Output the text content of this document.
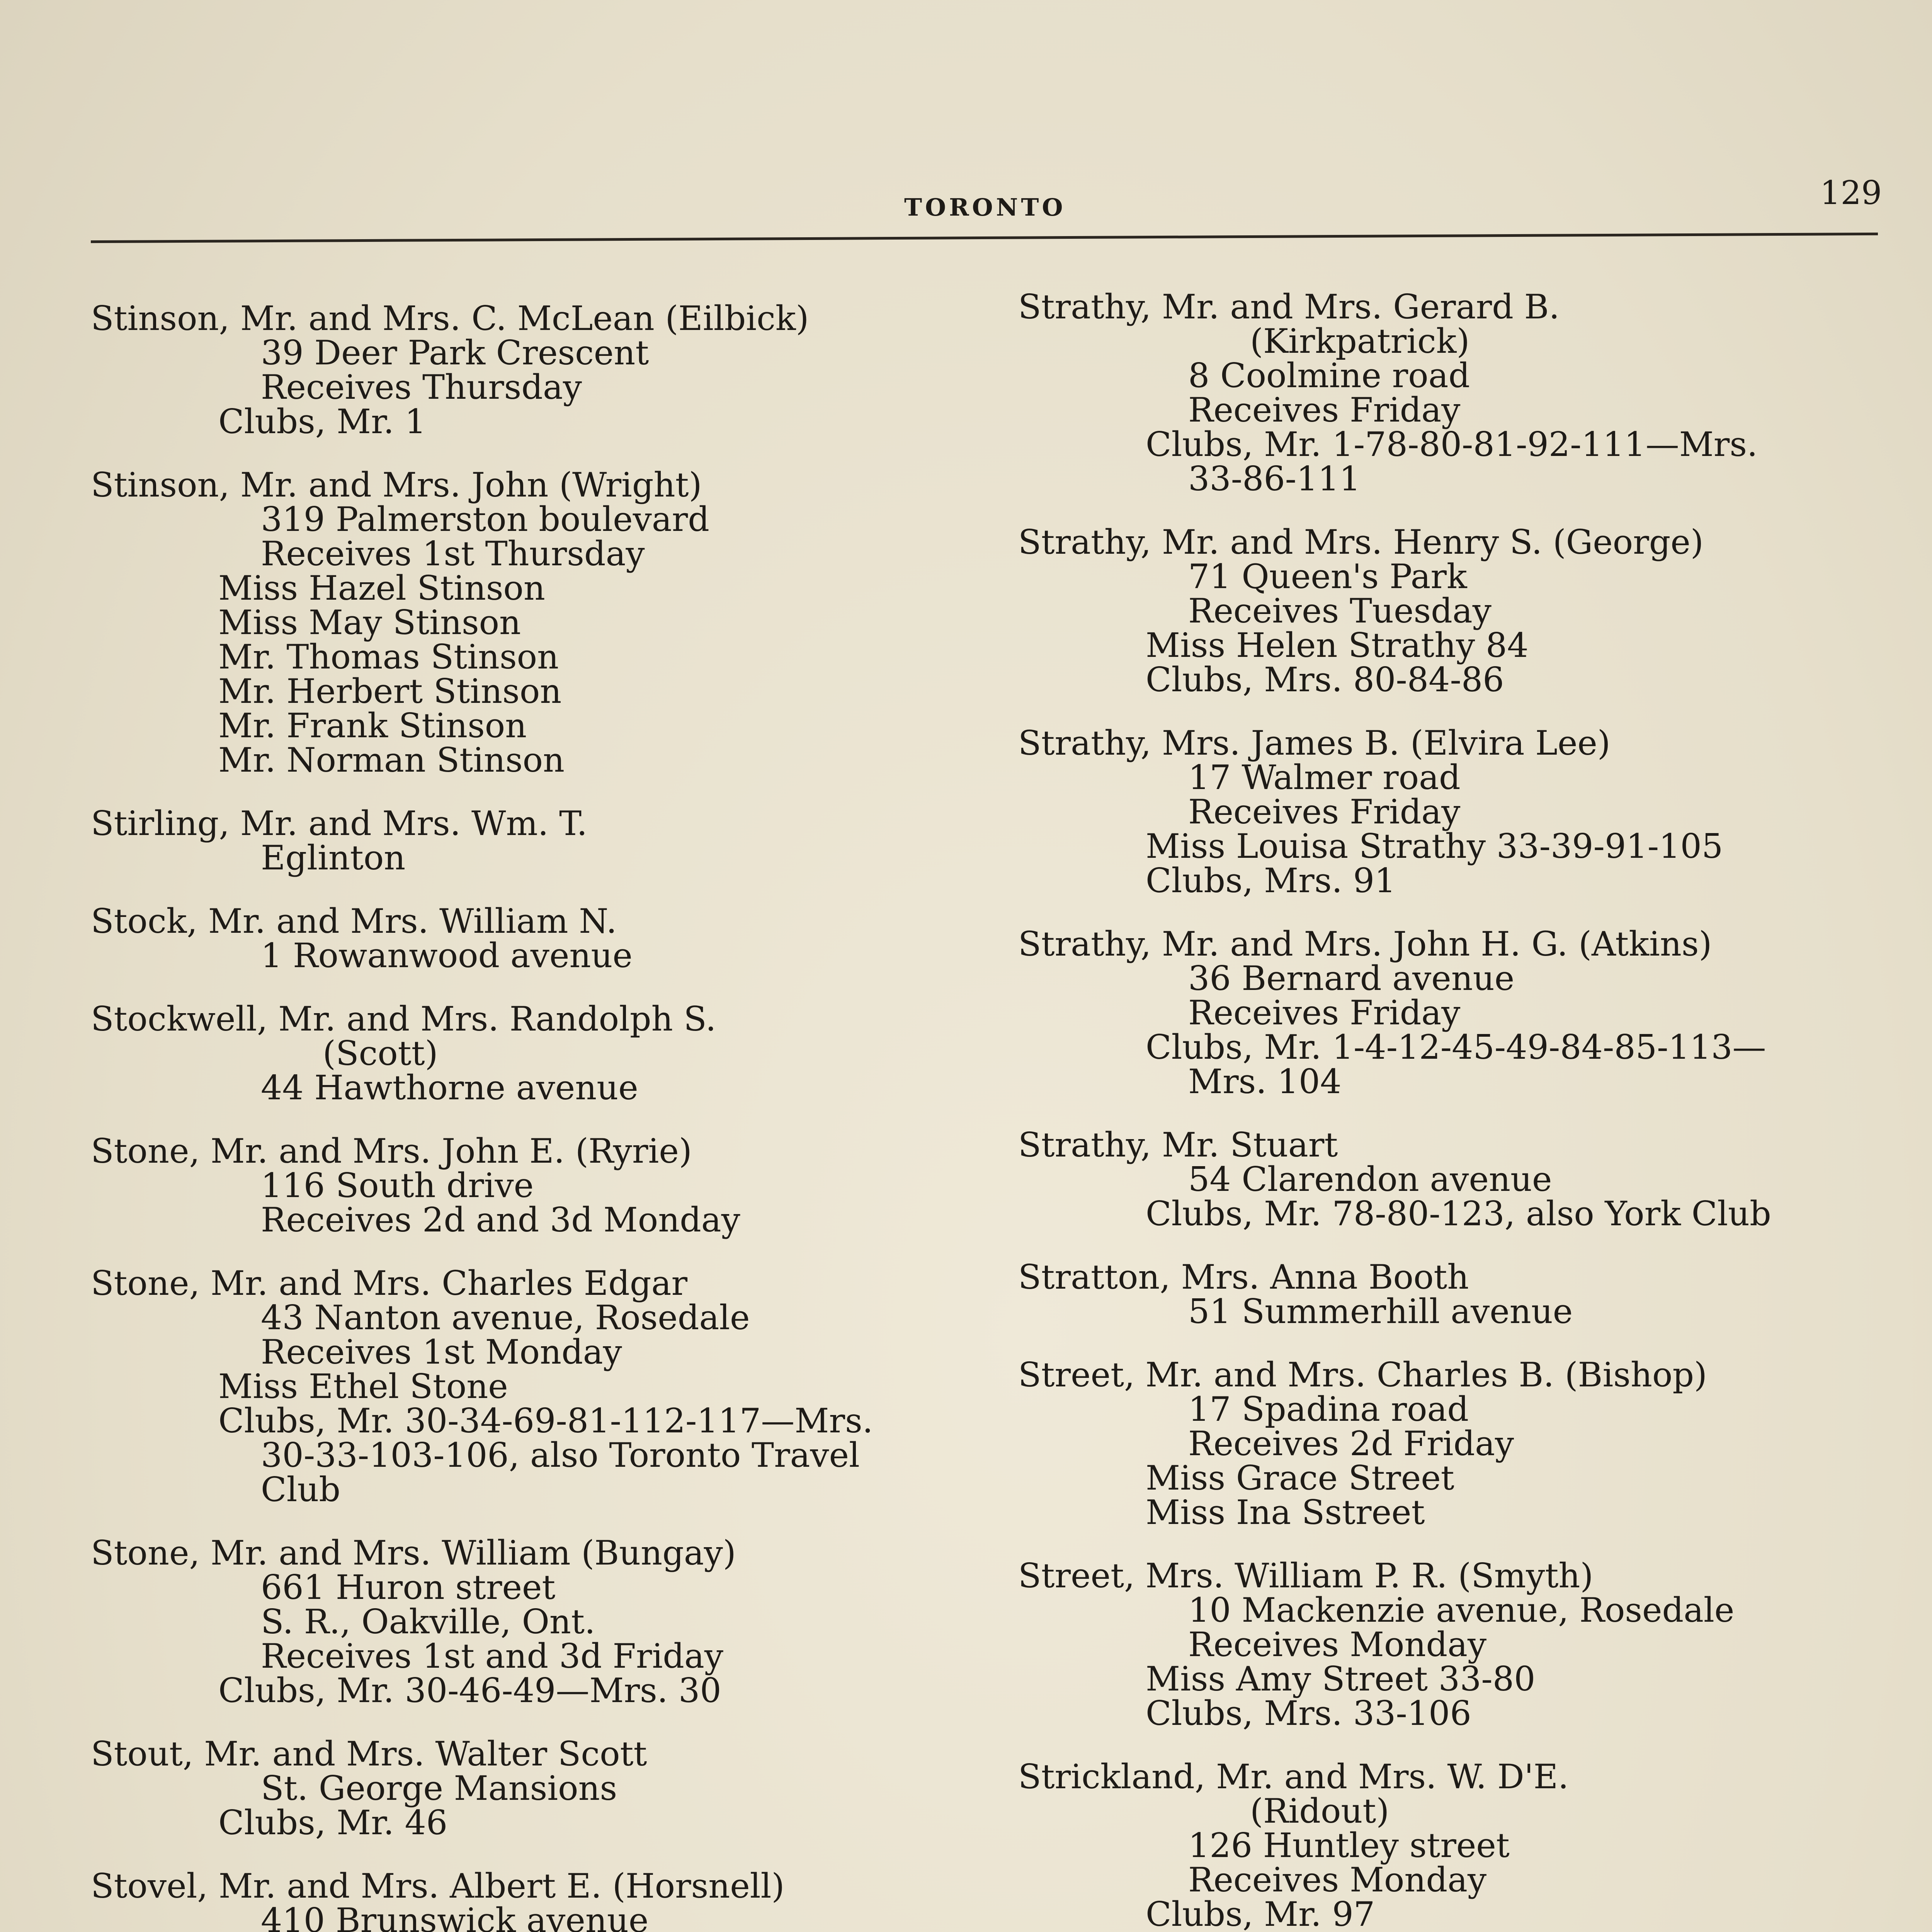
TORONTO	129
Stinson, Mr. and Mrs. C. McLean (Eilbick)
39 Deer Park Crescent
Receives Thursday
Clubs, Mr. 1
Stinson, Mr. and Mrs. John (Wright)
319 Palmerston boulevard
Receives 1st Thursday
Miss Hazel Stinson
Miss May Stinson
Mr. Thomas Stinson
Mr. Herbert Stinson
Mr. Frank Stinson
Mr. Norman Stinson
Stirling, Mr. and Mrs. Wm. T.
Eglinton
Stock, Mr. and Mrs. William N.
1 Rowanwood avenue
Stockwell, Mr. and Mrs. Randolph S.
(Scott)
44 Hawthorne avenue
Stone, Mr. and Mrs. John E. (Ryrie)
116 South drive
Receives 2d and 3d Monday
Stone, Mr. and Mrs. Charles Edgar
43 Nanton avenue, Rosedale
Receives 1st Monday
Miss Ethel Stone
Clubs, Mr. 30-34-69-81-112-117—Mrs.
30-33-103-106, also Toronto Travel
Club
Stone, Mr. and Mrs. William (Bungay)
661 Huron street
S. R., Oakville, Ont.
Receives 1st and 3d Friday
Clubs, Mr. 30-46-49—Mrs. 30
Stout, Mr. and Mrs. Walter Scott
St. George Mansions
Clubs, Mr. 46
Stovel, Mr. and Mrs. Albert E. (Horsnell)
410 Brunswick avenue
Strathy, Mr. and Mrs. Gerard B.
(Kirkpatrick)
8 Coolmine road
Receives Friday
Clubs, Mr. 1-78-80-81-92-111—Mrs.
33-86-111
Strathy, Mr. and Mrs. Henry S. (George)
71 Queen's Park
Receives Tuesday
Miss Helen Strathy 84
Clubs, Mrs. 80-84-86
Strathy, Mrs. James B. (Elvira Lee)
17 Walmer road
Receives Friday
Miss Louisa Strathy 33-39-91-105
Clubs, Mrs. 91
Strathy, Mr. and Mrs. John H. G. (Atkins)
36 Bernard avenue
Receives Friday
Clubs, Mr. 1-4-12-45-49-84-85-113—
Mrs. 104
Strathy, Mr. Stuart
54 Clarendon avenue
Clubs, Mr. 78-80-123, also York Club
Stratton, Mrs. Anna Booth
51 Summerhill avenue
Street, Mr. and Mrs. Charles B. (Bishop)
17 Spadina road
Receives 2d Friday
Miss Grace Street
Miss Ina Sstreet
Street, Mrs. William P. R. (Smyth)
10 Mackenzie avenue, Rosedale
Receives Monday
Miss Amy Street 33-80
Clubs, Mrs. 33-106
Strickland, Mr. and Mrs. W. D'E.
(Ridout)
126 Huntley street
Receives Monday
Clubs, Mr. 97
